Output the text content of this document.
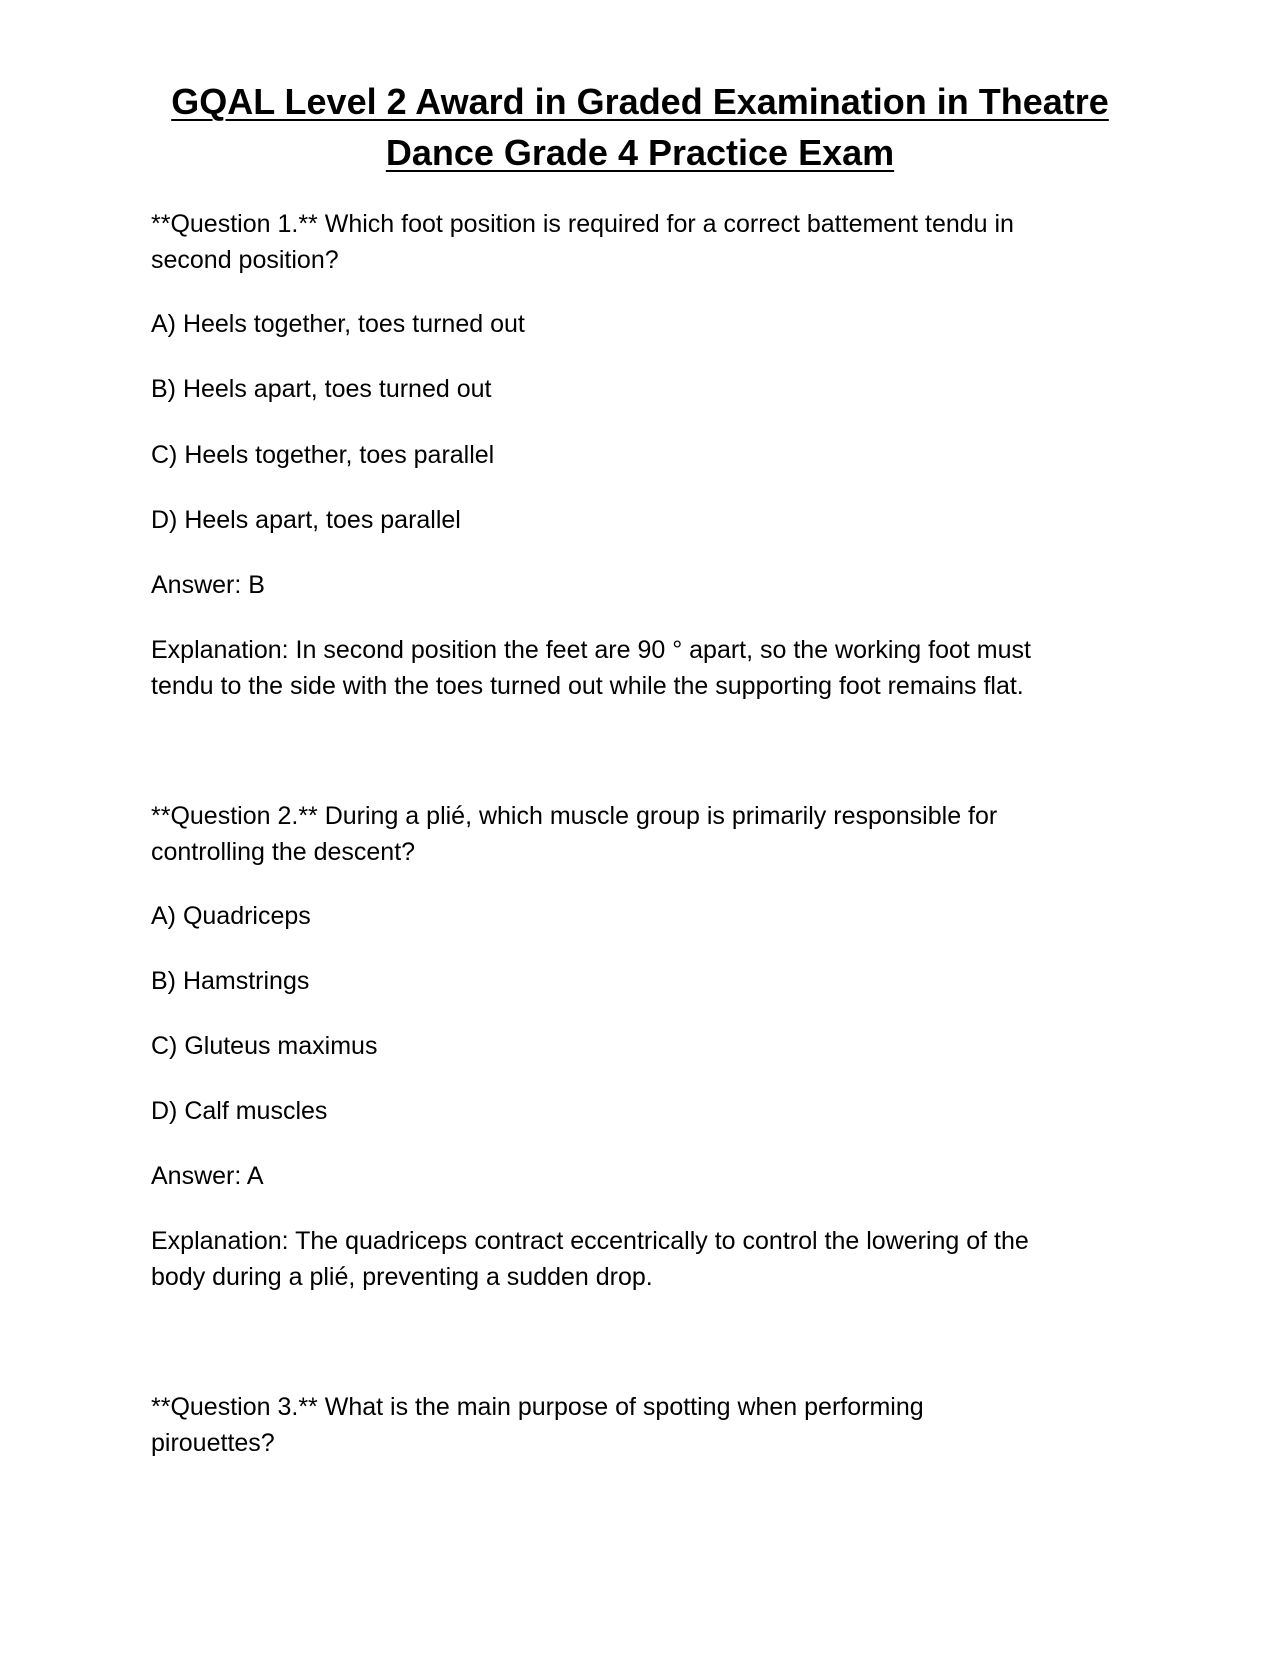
GQAL Level 2 Award in Graded Examination in Theatre
Dance Grade 4 Practice Exam

**Question 1.** Which foot position is required for a correct battement tendu in
second position?

A) Heels together, toes turned out

B) Heels apart, toes turned out

C) Heels together, toes parallel

D) Heels apart, toes parallel

Answer: B

Explanation: In second position the feet are 90 ° apart, so the working foot must
tendu to the side with the toes turned out while the supporting foot remains flat.

**Question 2.** During a plié, which muscle group is primarily responsible for
controlling the descent?

A) Quadriceps

B) Hamstrings

C) Gluteus maximus

D) Calf muscles

Answer: A

Explanation: The quadriceps contract eccentrically to control the lowering of the
body during a plié, preventing a sudden drop.

**Question 3.** What is the main purpose of spotting when performing
pirouettes?
